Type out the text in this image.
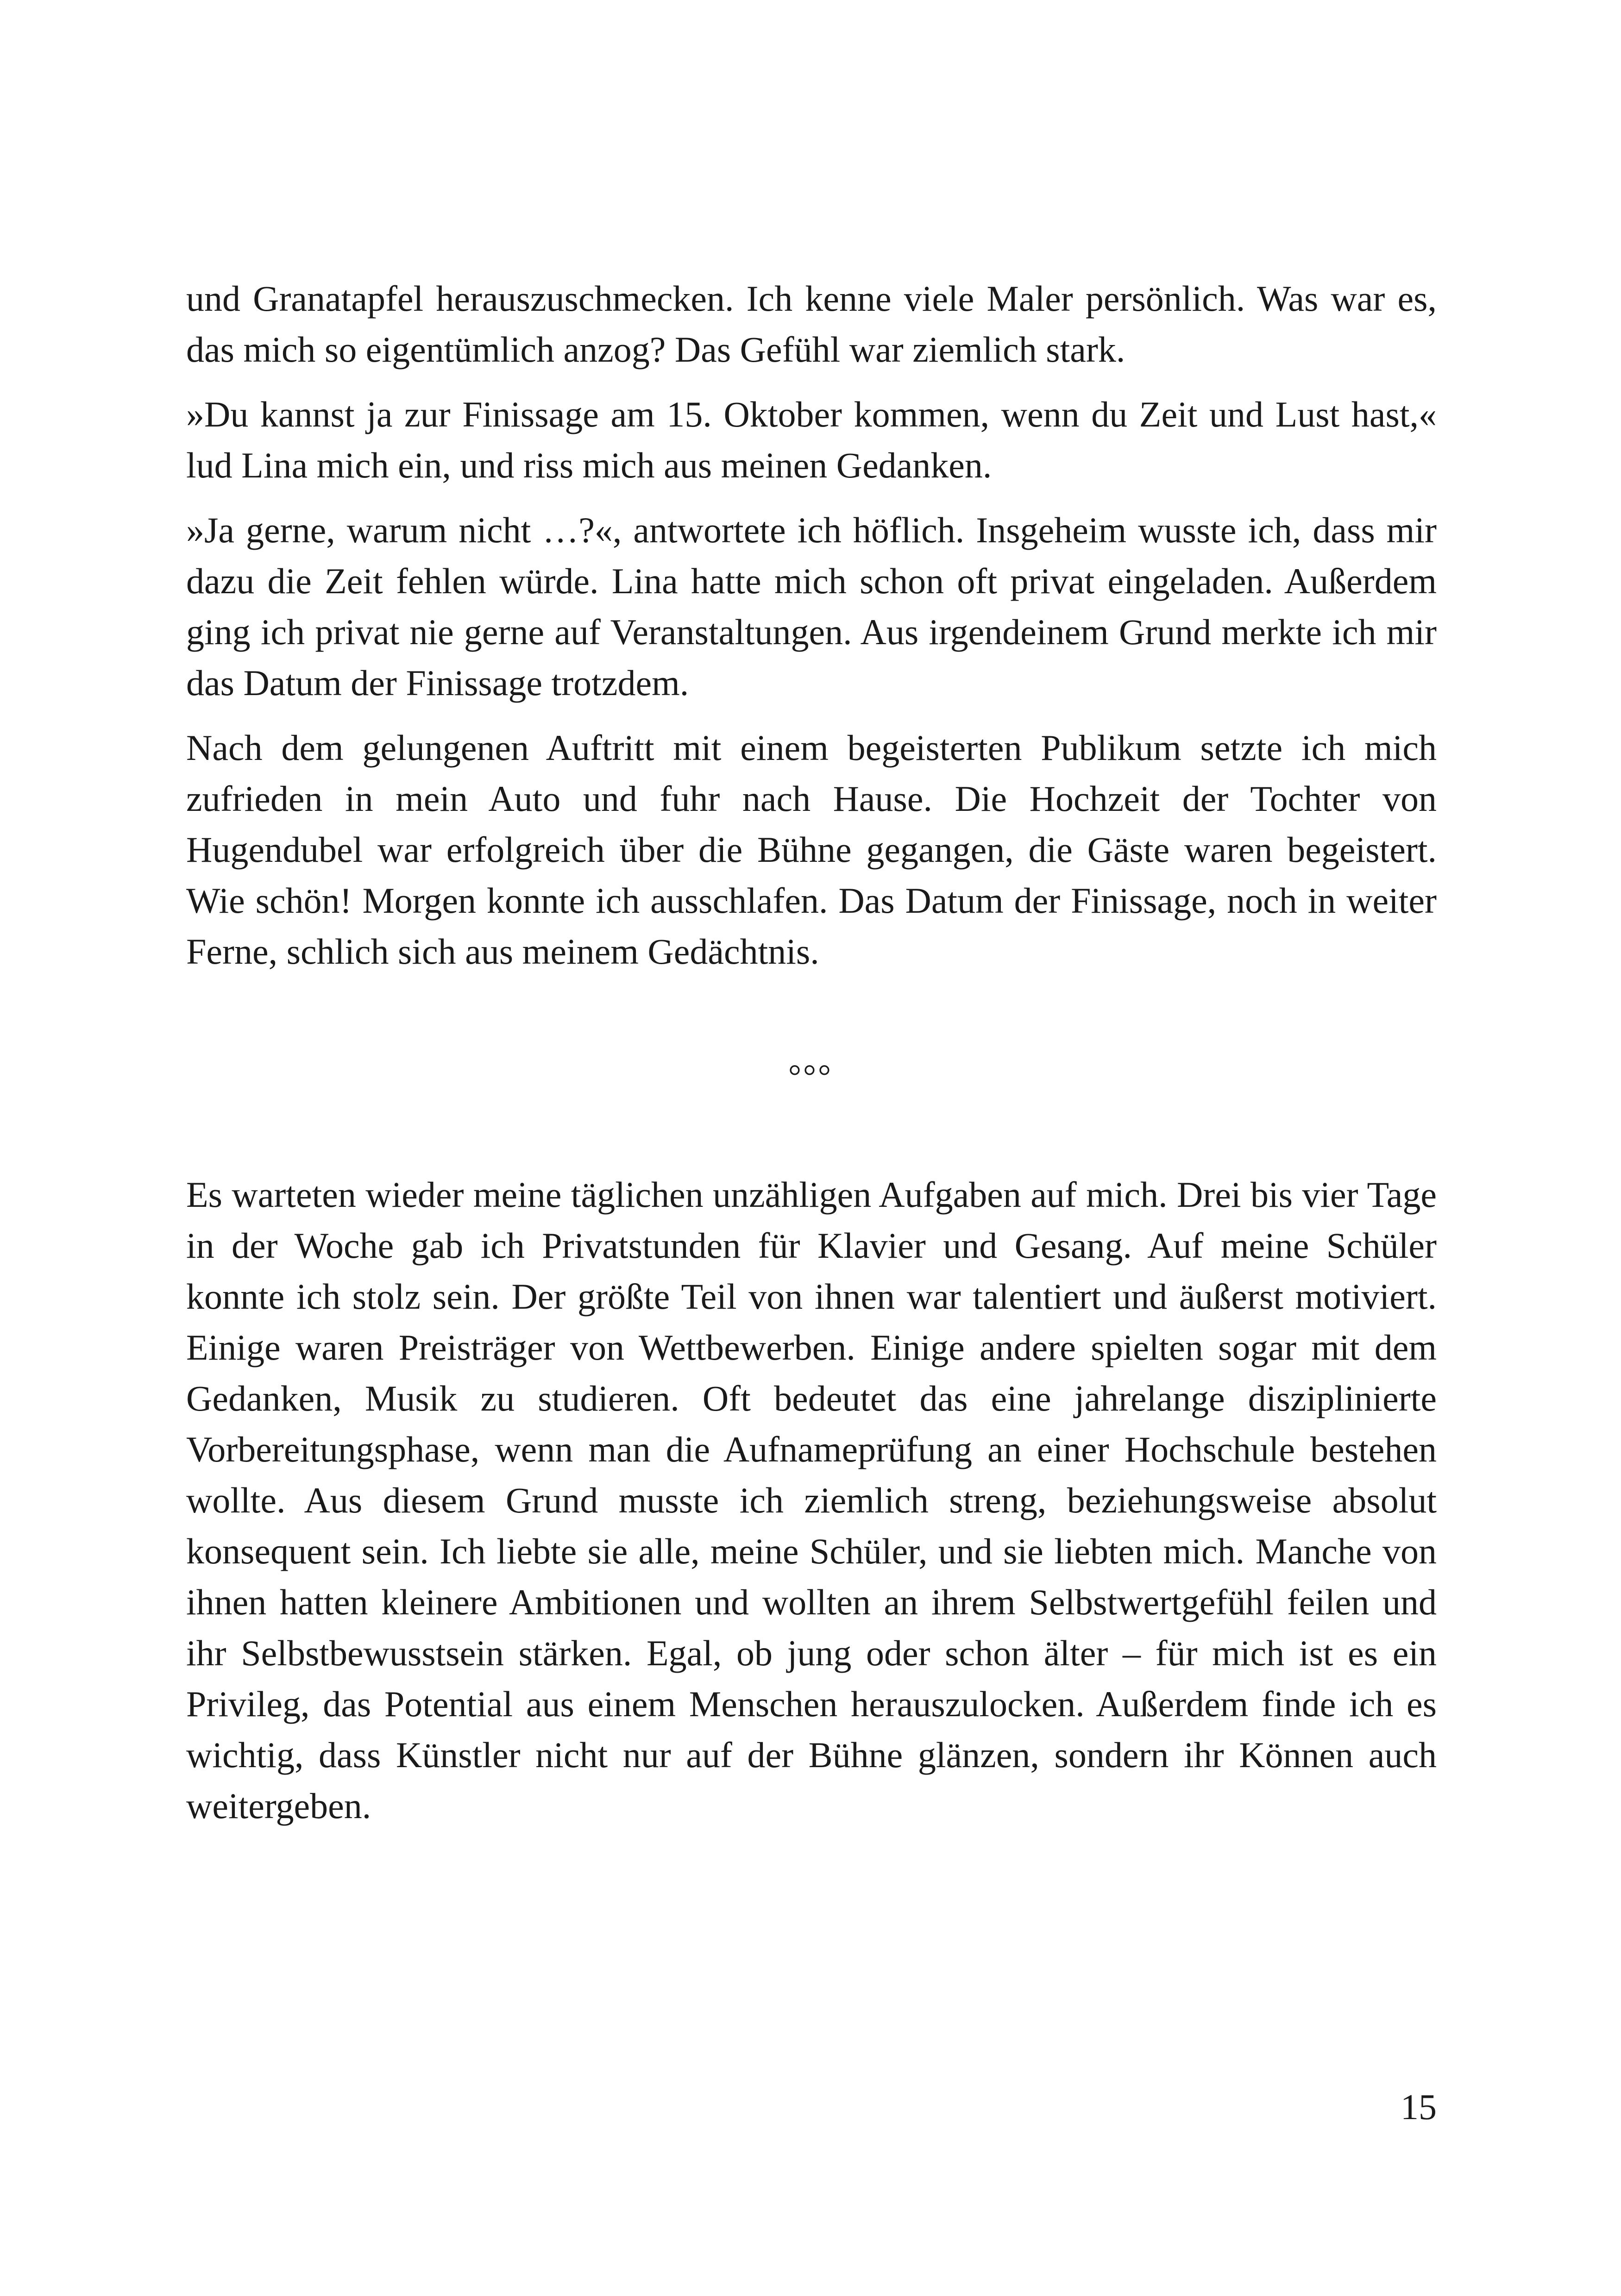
und Granatapfel herauszuschmecken. Ich kenne viele Maler persönlich. Was war es, das mich so eigentümlich anzog? Das Gefühl war ziemlich stark.

»Du kannst ja zur Finissage am 15. Oktober kommen, wenn du Zeit und Lust hast,« lud Lina mich ein, und riss mich aus meinen Gedanken.

»Ja gerne, warum nicht …?«, antwortete ich höflich. Insgeheim wusste ich, dass mir dazu die Zeit fehlen würde. Lina hatte mich schon oft privat eingeladen. Außerdem ging ich privat nie gerne auf Veranstaltungen. Aus irgendeinem Grund merkte ich mir das Datum der Finissage trotzdem.

Nach dem gelungenen Auftritt mit einem begeisterten Publikum setzte ich mich zufrieden in mein Auto und fuhr nach Hause. Die Hochzeit der Tochter von Hugendubel war erfolgreich über die Bühne gegangen, die Gäste waren begeistert. Wie schön! Morgen konnte ich ausschlafen. Das Datum der Finissage, noch in weiter Ferne, schlich sich aus meinem Gedächtnis.

°°°

Es warteten wieder meine täglichen unzähligen Aufgaben auf mich. Drei bis vier Tage in der Woche gab ich Privatstunden für Klavier und Gesang. Auf meine Schüler konnte ich stolz sein. Der größte Teil von ihnen war talentiert und äußerst motiviert. Einige waren Preisträger von Wettbewerben. Einige andere spielten sogar mit dem Gedanken, Musik zu studieren. Oft bedeutet das eine jahrelange disziplinierte Vorbereitungsphase, wenn man die Aufnameprüfung an einer Hochschule bestehen wollte. Aus diesem Grund musste ich ziemlich streng, beziehungsweise absolut konsequent sein. Ich liebte sie alle, meine Schüler, und sie liebten mich. Manche von ihnen hatten kleinere Ambitionen und wollten an ihrem Selbstwertgefühl feilen und ihr Selbstbewusstsein stärken. Egal, ob jung oder schon älter – für mich ist es ein Privileg, das Potential aus einem Menschen herauszulocken. Außerdem finde ich es wichtig, dass Künstler nicht nur auf der Bühne glänzen, sondern ihr Können auch weitergeben.

15
